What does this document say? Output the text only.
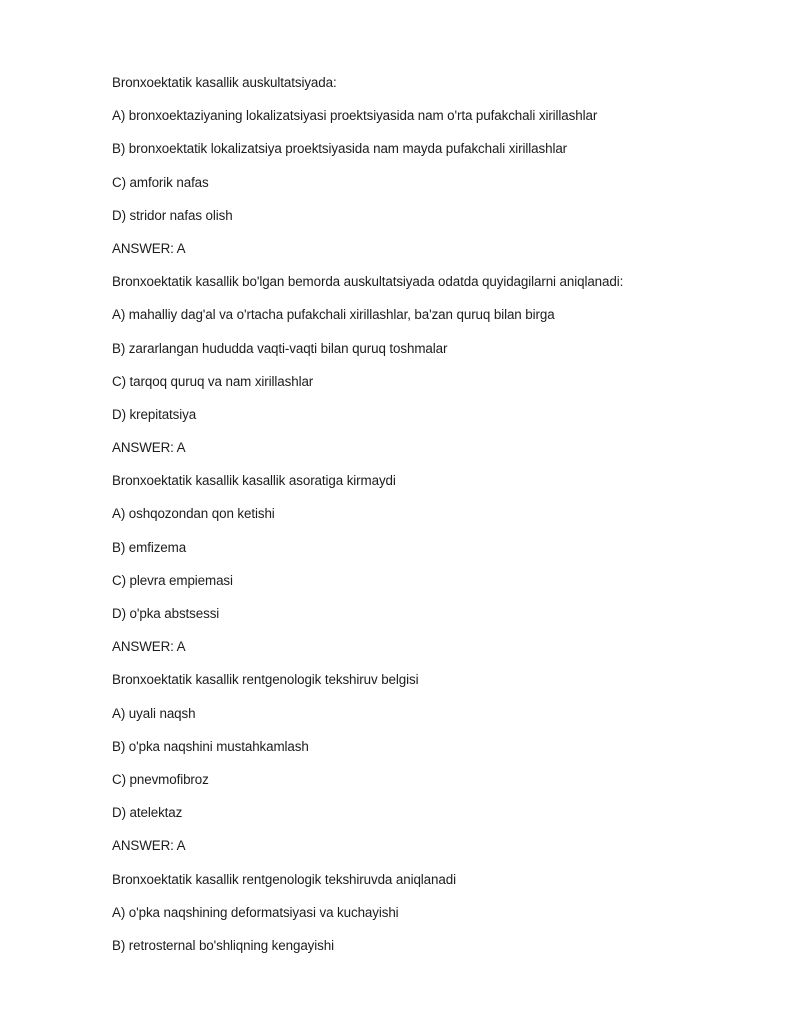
Bronxoektatik kasallik auskultatsiyada:
A) bronxoektaziyaning lokalizatsiyasi proektsiyasida nam o'rta pufakchali xirillashlar
B) bronxoektatik lokalizatsiya proektsiyasida nam mayda pufakchali xirillashlar
C) amforik nafas
D) stridor nafas olish
ANSWER: A
Bronxoektatik kasallik bo'lgan bemorda auskultatsiyada odatda quyidagilarni aniqlanadi:
A) mahalliy dag'al va o'rtacha pufakchali xirillashlar, ba'zan quruq bilan birga
B) zararlangan hududda vaqti-vaqti bilan quruq toshmalar
C) tarqoq quruq va nam xirillashlar
D) krepitatsiya
ANSWER: A
Bronxoektatik kasallik kasallik asoratiga kirmaydi
A) oshqozondan qon ketishi
B) emfizema
C) plevra empiemasi
D) o'pka abstsessi
ANSWER: A
Bronxoektatik kasallik rentgenologik tekshiruv belgisi
A) uyali naqsh
B) o'pka naqshini mustahkamlash
C) pnevmofibroz
D) atelektaz
ANSWER: A
Bronxoektatik kasallik rentgenologik tekshiruvda aniqlanadi
A) o'pka naqshining deformatsiyasi va kuchayishi
B) retrosternal bo'shliqning kengayishi
